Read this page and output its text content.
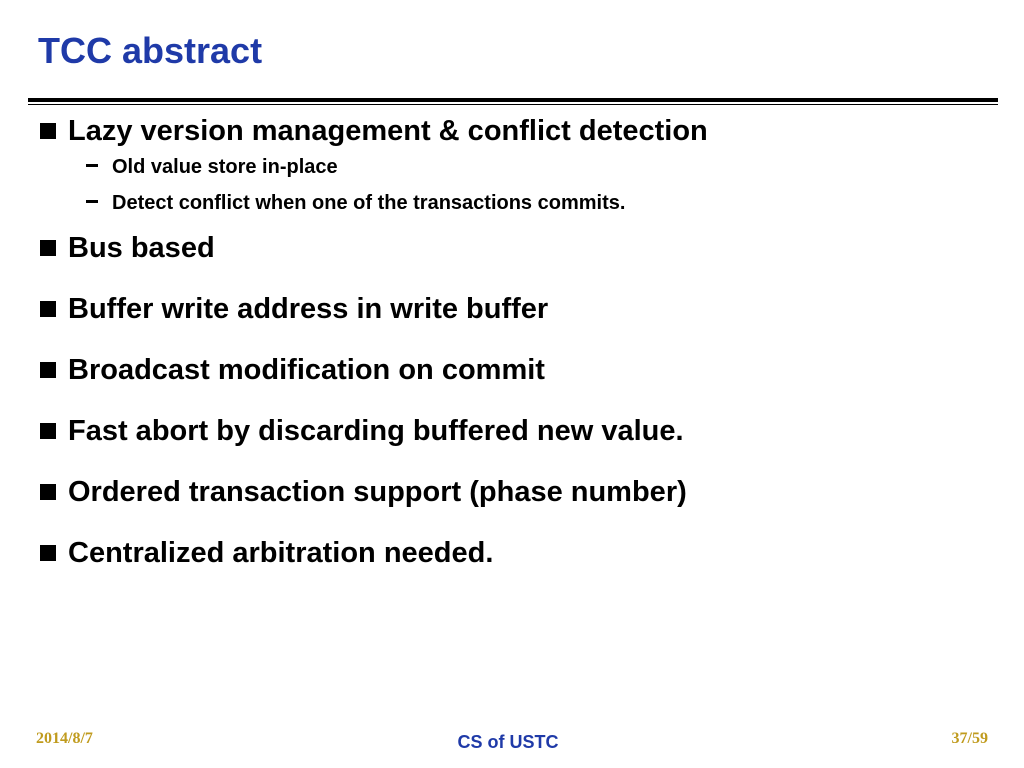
TCC abstract
Lazy version management & conflict detection
Old value store in-place
Detect conflict when one of the transactions commits.
Bus based
Buffer write address in write buffer
Broadcast modification on commit
Fast abort by discarding buffered new value.
Ordered transaction support (phase number)
Centralized arbitration needed.
2014/8/7	CS of USTC	37/59
